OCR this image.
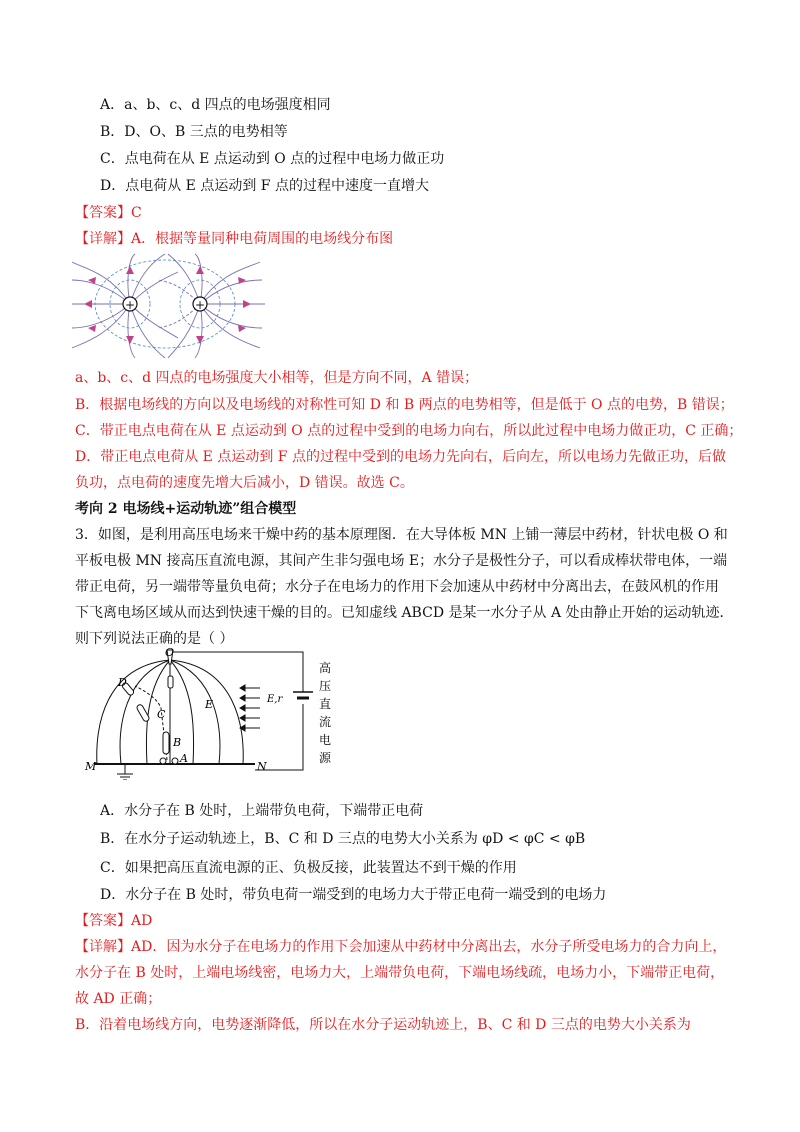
A．a、b、c、d 四点的电场强度相同
B．D、O、B 三点的电势相等
C．点电荷在从 E 点运动到 O 点的过程中电场力做正功
D．点电荷从 E 点运动到 F 点的过程中速度一直增大
【答案】C
【详解】A．根据等量同种电荷周围的电场线分布图
+	+
a、b、c、d 四点的电场强度大小相等，但是方向不同，A 错误；
B．根据电场线的方向以及电场线的对称性可知 D 和 B 两点的电势相等，但是低于 O 点的电势，B 错误；
C．带正电点电荷在从 E 点运动到 O 点的过程中受到的电场力向右，所以此过程中电场力做正功，C 正确；
D．带正电点电荷从 E 点运动到 F 点的过程中受到的电场力先向右，后向左，所以电场力先做正功，后做
负功，点电荷的速度先增大后减小，D 错误。故选 C。
考向 2 电场线+运动轨迹”组合模型
3．如图，是利用高压电场来干燥中药的基本原理图．在大导体板 MN 上铺一薄层中药材，针状电极 O 和
平板电极 MN 接高压直流电源，其间产生非匀强电场 E；水分子是极性分子，可以看成棒状带电体，一端
带正电荷，另一端带等量负电荷；水分子在电场力的作用下会加速从中药材中分离出去，在鼓风机的作用
下飞离电场区域从而达到快速干燥的目的。已知虚线 ABCD 是某一水分子从 A 处由静止开始的运动轨迹．
则下列说法正确的是（ ）
O
D
C
B
A
E
M	N
E,r
高
压
直
流
电
源
A．水分子在 B 处时，上端带负电荷，下端带正电荷
B．在水分子运动轨迹上，B、C 和 D 三点的电势大小关系为 φD < φC < φB
C．如果把高压直流电源的正、负极反接，此装置达不到干燥的作用
D．水分子在 B 处时，带负电荷一端受到的电场力大于带正电荷一端受到的电场力
【答案】AD
【详解】AD．因为水分子在电场力的作用下会加速从中药材中分离出去，水分子所受电场力的合力向上，
水分子在 B 处时，上端电场线密，电场力大，上端带负电荷，下端电场线疏，电场力小，下端带正电荷，
故 AD 正确；
B．沿着电场线方向，电势逐渐降低，所以在水分子运动轨迹上，B、C 和 D 三点的电势大小关系为
